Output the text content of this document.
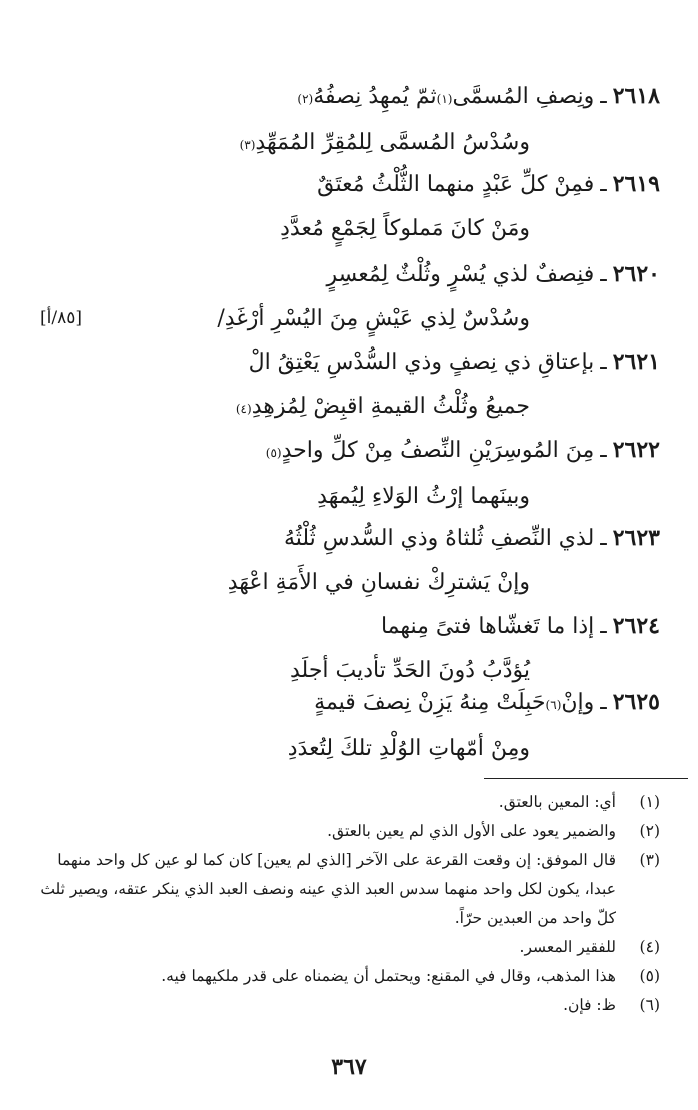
٢٦١٨
ـ
ونِصفِ المُسمَّى
(١)
ثمّ يُمهِدُ نِصفُهُ
(٢)
وسُدْسُ المُسمَّى لِلمُقِرِّ المُمَهِّدِ
(٣)
٢٦١٩
ـ
فمِنْ كلِّ عَبْدٍ منهما الثُّلْثُ مُعتَقٌ
ومَنْ كانَ مَملوكاً لِجَمْعٍ مُعدَّدِ
٢٦٢٠
ـ
فنِصفٌ لذي يُسْرٍ وثُلْثٌ لِمُعسِرٍ
وسُدْسٌ لِذي عَيْشٍ مِنَ اليُسْرِ أرْغَدِ/
[٨٥/أ]
٢٦٢١
ـ
بإعتاقِ ذي نِصفٍ وذي السُّدْسِ يَعْتِقُ الْ
جميعُ وثُلْثُ القيمةِ اقبِضْ لِمُزهِدِ
(٤)
٢٦٢٢
ـ
مِنَ المُوسِرَيْنِ النِّصفُ مِنْ كلِّ واحدٍ
(٥)
وبينَهما إرْثُ الوَلاءِ لِيُمهَدِ
٢٦٢٣
ـ
لذي النِّصفِ ثُلثاهُ وذي السُّدسِ ثُلْثُهُ
وإنْ يَشترِكْ نفسانِ في الأَمَةِ اعْهَدِ
٢٦٢٤
ـ
إذا ما تَغشّاها فتىً مِنهما
يُؤدَّبُ دُونَ الحَدِّ تأديبَ أجلَدِ
٢٦٢٥
ـ
وإنْ
(٦)
حَبِلَتْ مِنهُ يَزِنْ نِصفَ قيمةٍ
ومِنْ أمّهاتِ الوُلْدِ تلكَ لِتُعدَدِ
(١)
أي: المعين بالعتق.
(٢)
والضمير يعود على الأول الذي لم يعين بالعتق.
(٣)
قال الموفق: إن وقعت القرعة على الآخر [الذي لم يعين] كان كما لو عين كل واحد منهما عبدا، يكون لكل واحد منهما سدس العبد الذي عينه ونصف العبد الذي ينكر عتقه، ويصير ثلث كلّ واحد من العبدين حرّاً.
(٤)
للفقير المعسر.
(٥)
هذا المذهب، وقال في المقنع: ويحتمل أن يضمناه على قدر ملكيهما فيه.
(٦)
ظ: فإن.
٣٦٧
